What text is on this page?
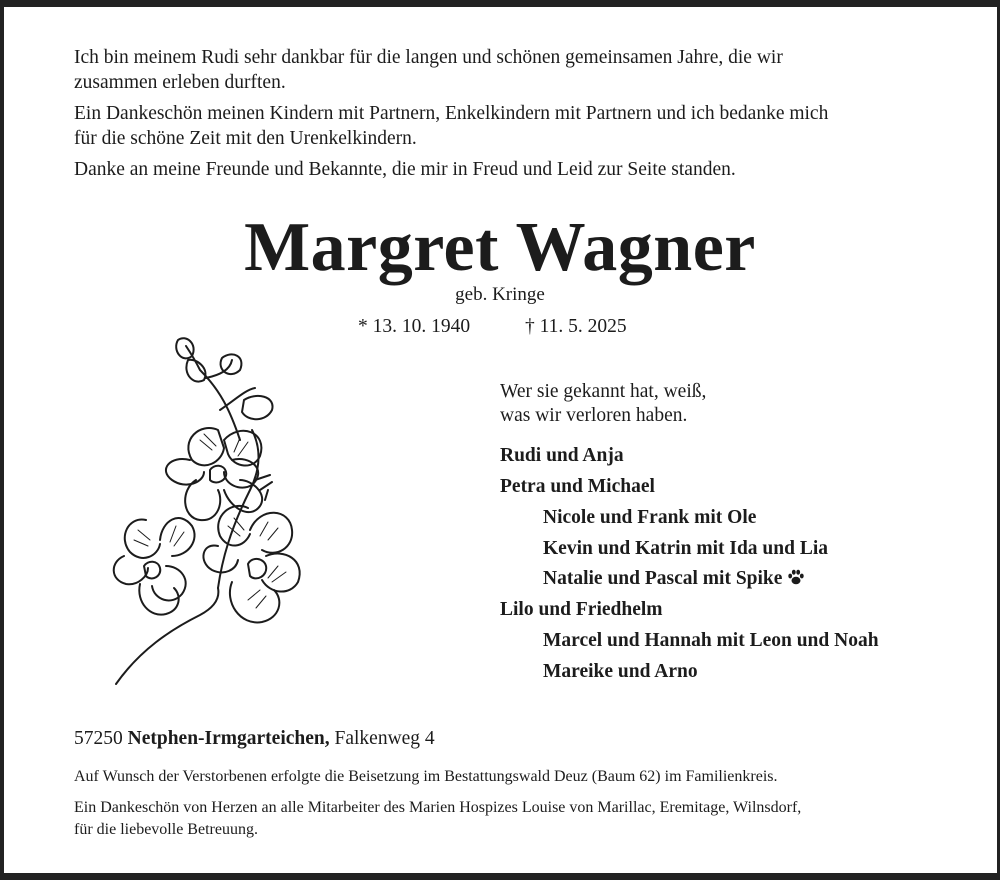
Ich bin meinem Rudi sehr dankbar für die langen und schönen gemeinsamen Jahre, die wir
zusammen erleben durften.
Ein Dankeschön meinen Kindern mit Partnern, Enkelkindern mit Partnern und ich bedanke mich
für die schöne Zeit mit den Urenkelkindern.
Danke an meine Freunde und Bekannte, die mir in Freud und Leid zur Seite standen.
Margret Wagner
geb. Kringe
* 13. 10. 1940	† 11. 5. 2025
Wer sie gekannt hat, weiß,
was wir verloren haben.
Rudi und Anja
Petra und Michael
Nicole und Frank mit Ole
Kevin und Katrin mit Ida und Lia
Natalie und Pascal mit Spike
Lilo und Friedhelm
Marcel und Hannah mit Leon und Noah
Mareike und Arno
57250 Netphen-Irmgarteichen, Falkenweg 4
Auf Wunsch der Verstorbenen erfolgte die Beisetzung im Bestattungswald Deuz (Baum 62) im Familienkreis.
Ein Dankeschön von Herzen an alle Mitarbeiter des Marien Hospizes Louise von Marillac, Eremitage, Wilnsdorf,
für die liebevolle Betreuung.
